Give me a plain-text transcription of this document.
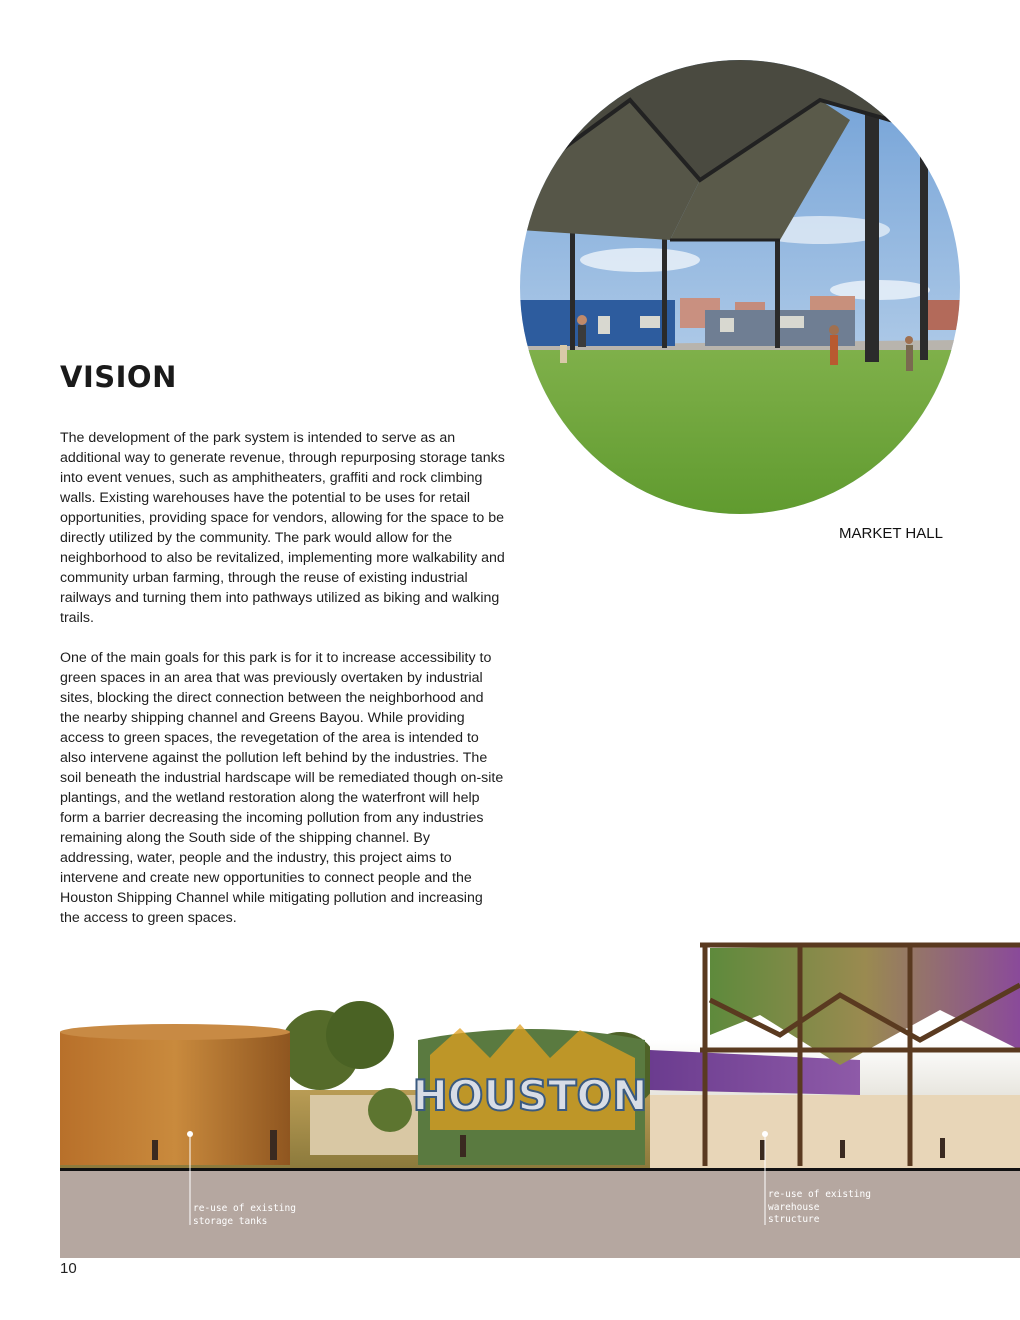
VISION

The development of the park system is intended to serve as an additional way to generate revenue, through repurposing storage tanks into event venues, such as amphitheaters, graffiti and rock climbing walls. Existing warehouses have the potential to be uses for retail opportunities, providing space for vendors, allowing for the space to be directly utilized by the community. The park would allow for the neighborhood to also be revitalized, implementing more walkability and community urban farming, through the reuse of existing industrial railways and turning them into pathways utilized as biking and walking trails.

One of the main goals for this park is for it to increase accessibility to green spaces in an area that was previously overtaken by industrial sites, blocking the direct connection between the neighborhood and the nearby shipping channel and Greens Bayou. While providing access to green spaces, the revegetation of the area is intended to also intervene against the pollution left behind by the industries. The soil beneath the industrial hardscape will be remediated though on-site plantings, and the wetland restoration along the waterfront will help form a barrier decreasing the incoming pollution from any industries remaining along the South side of the shipping channel. By addressing, water, people and the industry, this project aims to intervene and create new opportunities to connect people and the Houston Shipping Channel while mitigating pollution and increasing the access to green spaces.

MARKET HALL

HOUSTON

re-use of existing
storage tanks

re-use of existing
warehouse
structure

10
